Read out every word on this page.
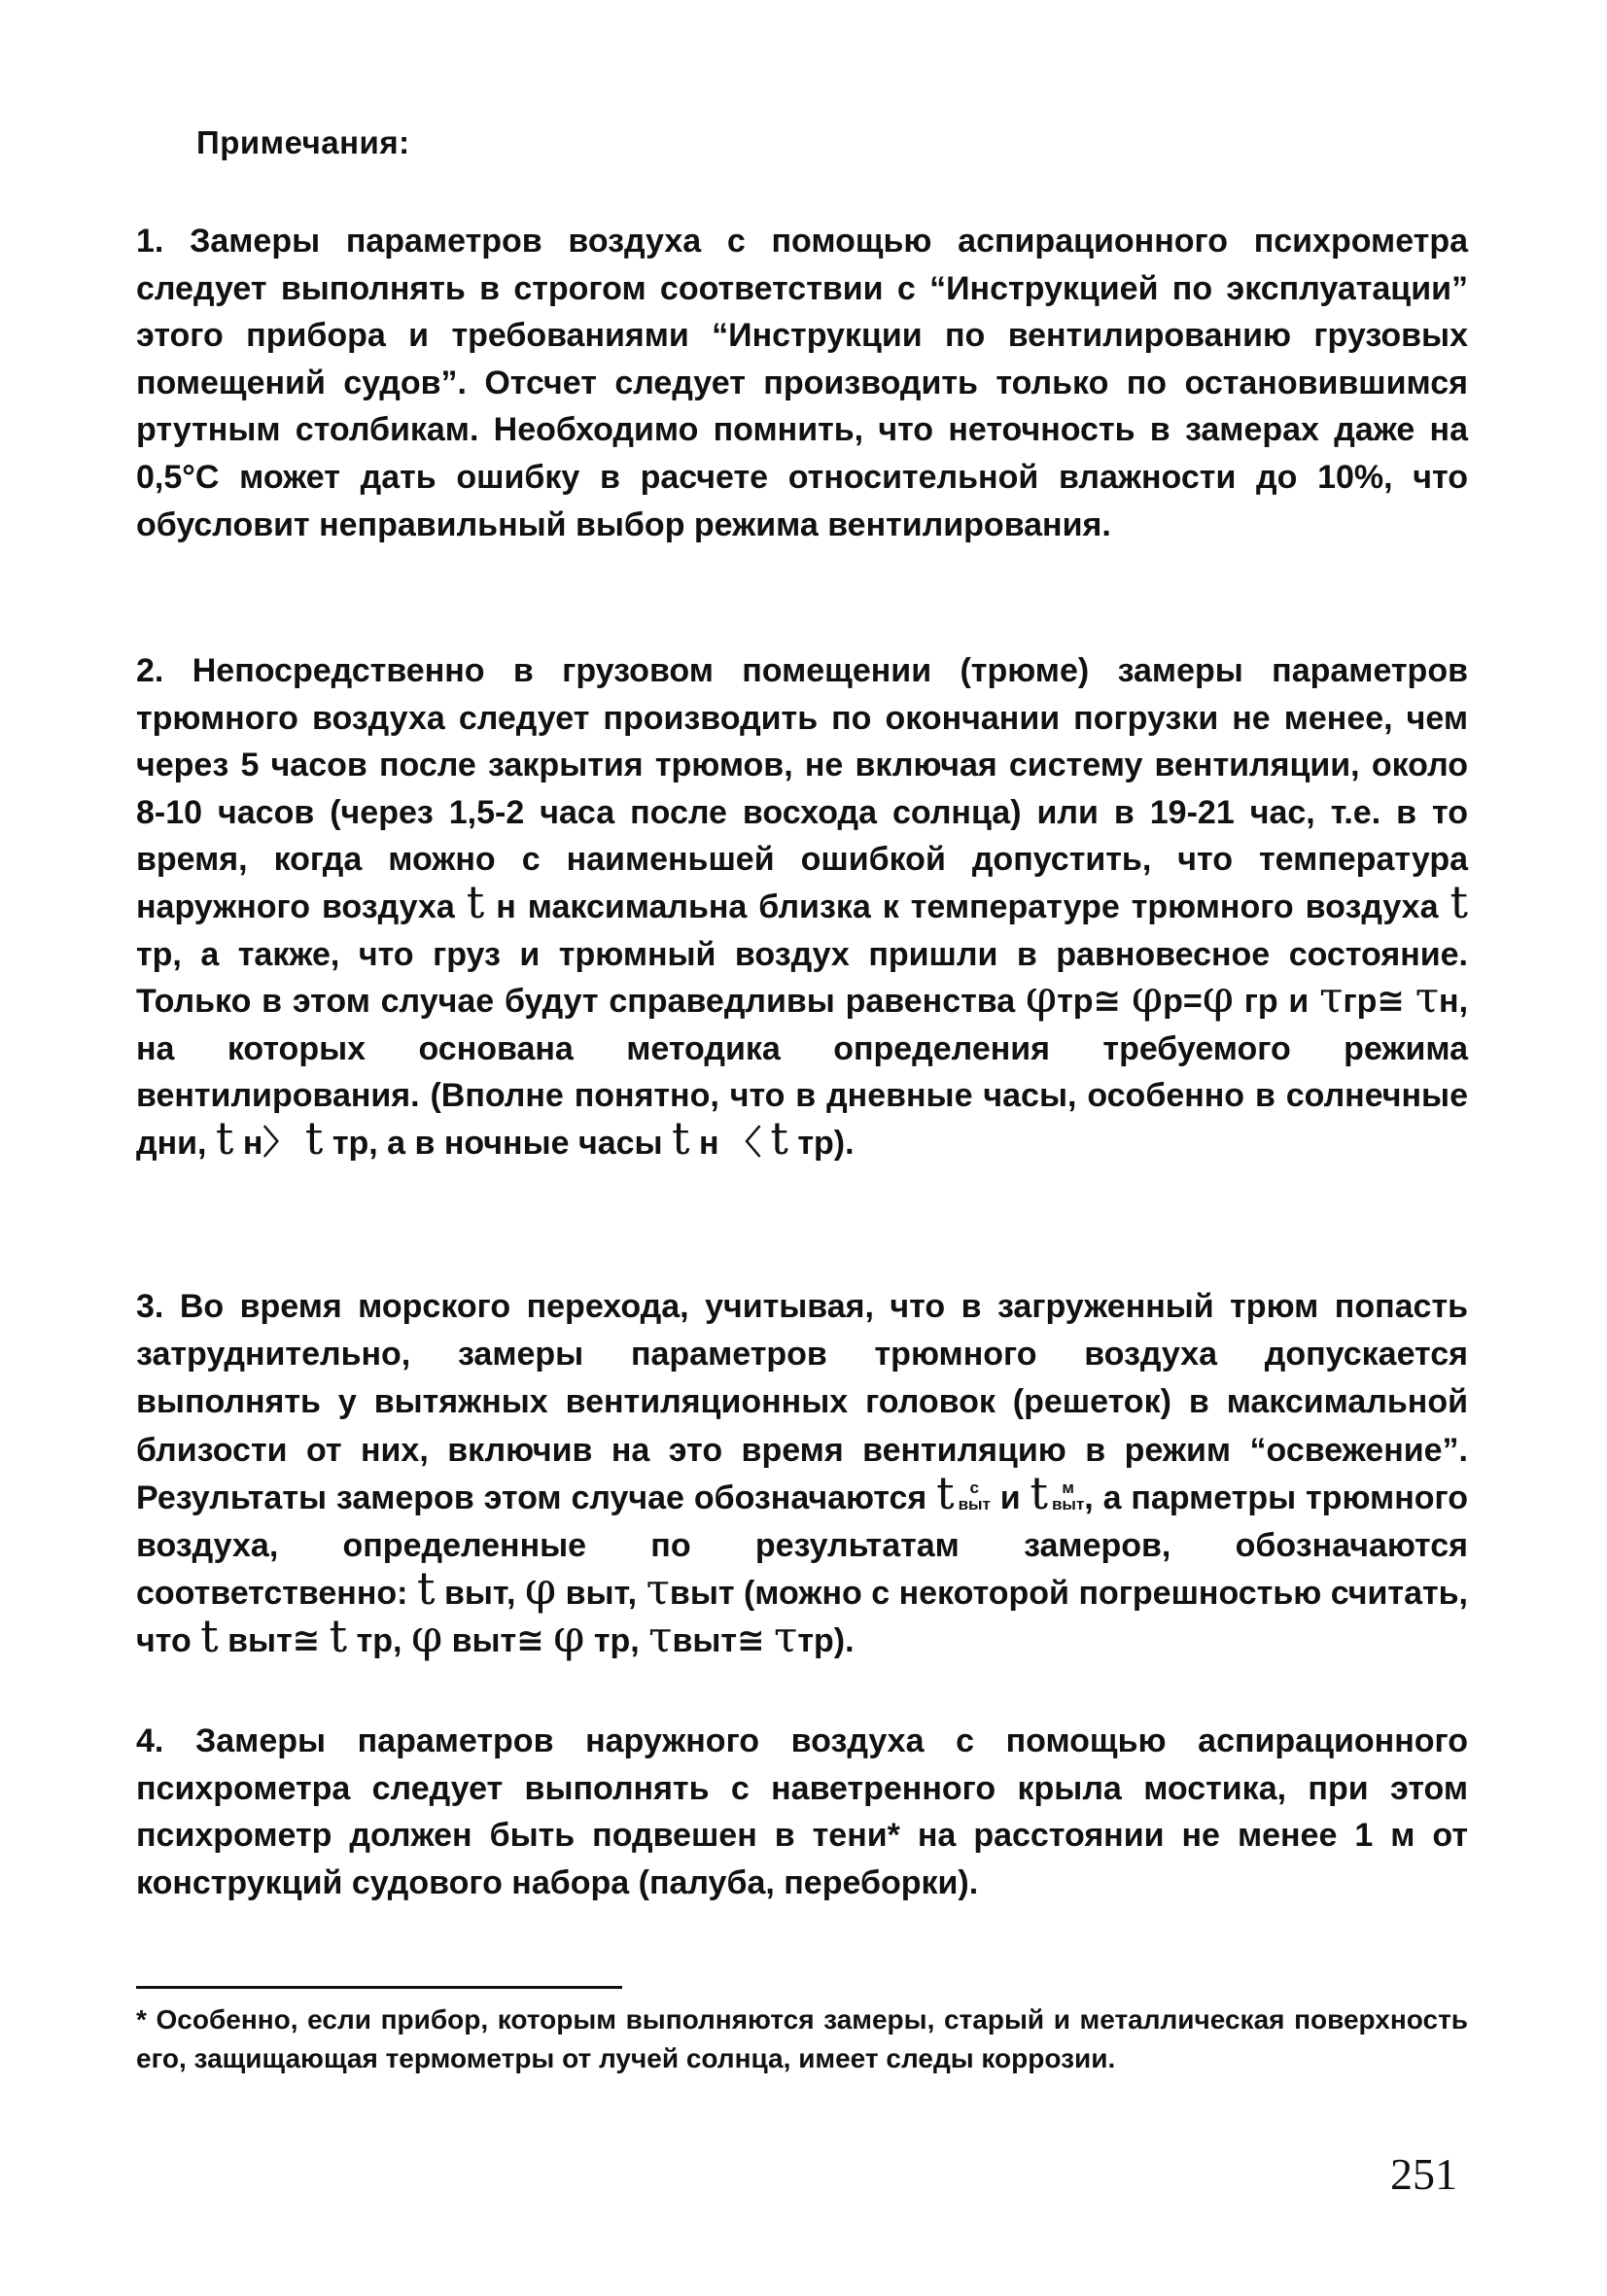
Примечания:
1. Замеры параметров воздуха с помощью аспирационного психрометра следует выполнять в строгом соответствии с “Инструкцией по эксплуатации” этого прибора и требованиями “Инструкции по вентилированию грузовых помещений судов”. Отсчет следует производить только по остановившимся ртутным столбикам. Необходимо помнить, что неточность в замерах даже на 0,5°С может дать ошибку в расчете относительной влажности до 10%, что обусловит неправильный выбор режима вентилирования.
2. Непосредственно в грузовом помещении (трюме) замеры параметров трюмного воздуха следует производить по окончании погрузки не менее, чем через 5 часов после закрытия трюмов, не включая систему вентиляции, около 8-10 часов (через 1,5-2 часа после восхода солнца) или в 19-21 час, т.е. в то время, когда можно с наименьшей ошибкой допустить, что температура наружного воздуха t н максимальна близка к температуре трюмного воздуха t тр, а также, что груз и трюмный воздух пришли в равновесное состояние. Только в этом случае будут справедливы равенства φтр≅ φр=φ гр и τгр≅ τн, на которых основана методика определения требуемого режима вентилирования. (Вполне понятно, что в дневные часы, особенно в солнечные дни, t н〉 t тр, а в ночные часы t н 〈 t тр).
3. Во время морского перехода, учитывая, что в загруженный трюм попасть затруднительно, замеры параметров трюмного воздуха допускается выполнять у вытяжных вентиляционных головок (решеток) в максимальной близости от них, включив на это время вентиляцию в режим “освежение”. Результаты замеров этом случае обозначаются t с
выт и t м
выт , а парметры трюмного воздуха, определенные по результатам замеров, обозначаются соответственно: t выт, φ выт, τвыт (можно с некоторой погрешностью считать, что t выт≅ t тр, φ выт≅ φ тр, τвыт≅ τтр).
4. Замеры параметров наружного воздуха с помощью аспирационного психрометра следует выполнять с наветренного крыла мостика, при этом психрометр должен быть подвешен в тени* на расстоянии не менее 1 м от конструкций судового набора (палуба, переборки).
* Особенно, если прибор, которым выполняются замеры, старый и металлическая поверхность его, защищающая термометры от лучей солнца, имеет следы коррозии.
251
